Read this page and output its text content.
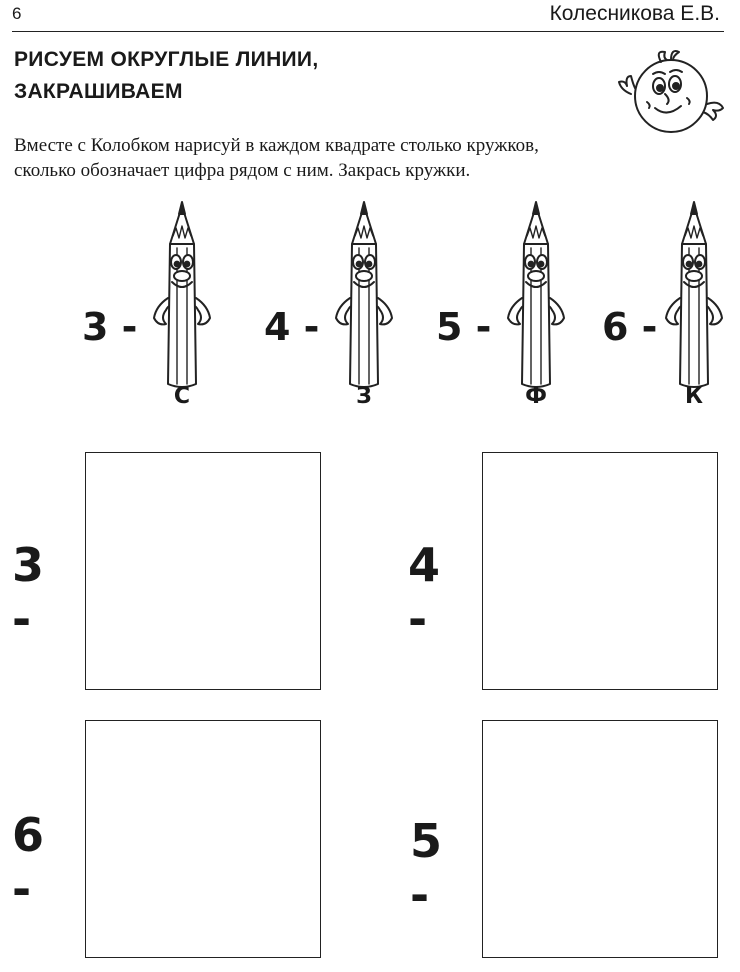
6	Колесникова Е.В.
РИСУЕМ ОКРУГЛЫЕ ЛИНИИ,
ЗАКРАШИВАЕМ
Вместе с Колобком нарисуй в каждом квадрате столько кружков,
сколько обозначает цифра рядом с ним. Закрась кружки.
3 -
С
4 -
З
5 -
Ф
6 -
К
3 -
4 -
6 -
5 -
